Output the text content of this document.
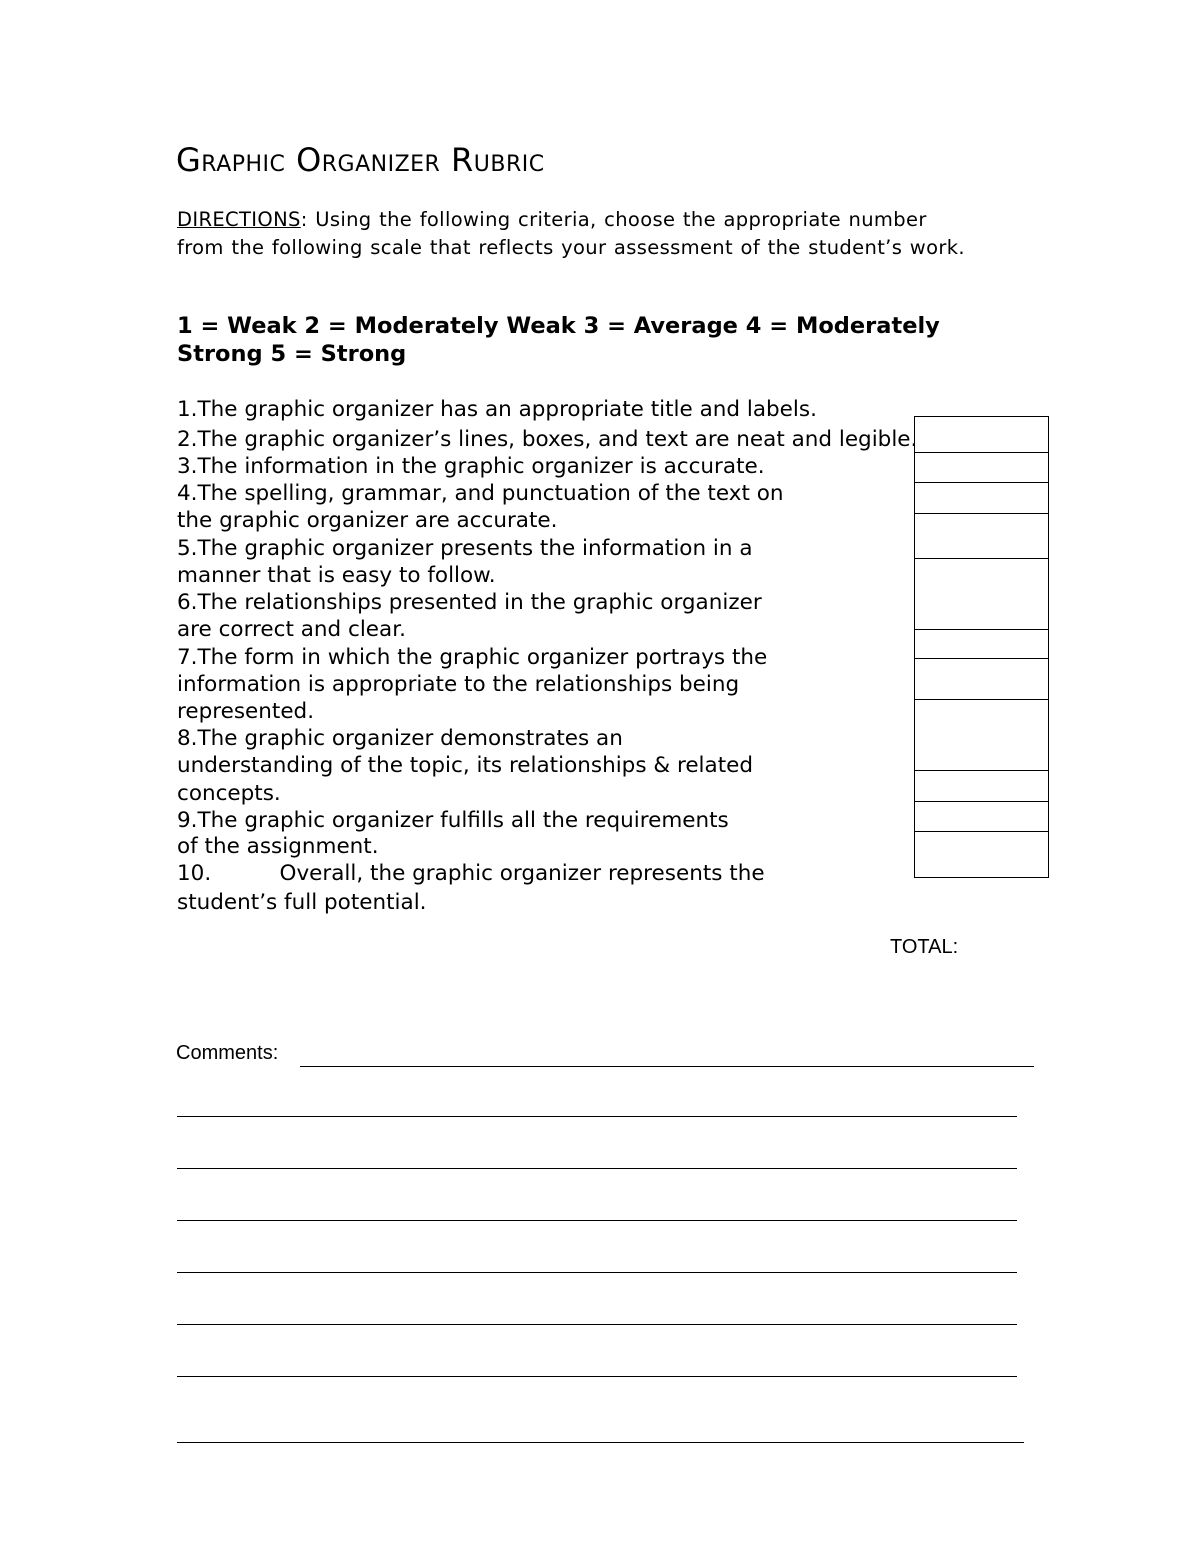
Graphic Organizer Rubric
DIRECTIONS: Using the following criteria, choose the appropriate number from the following scale that reflects your assessment of the student’s work.
1 = Weak 2 = Moderately Weak 3 = Average 4 = Moderately Strong 5 = Strong
1.The graphic organizer has an appropriate title and labels.
2.The graphic organizer’s lines, boxes, and text are neat and legible.
3.The information in the graphic organizer is accurate.
4.The spelling, grammar, and punctuation of the text on
the graphic organizer are accurate.
5.The graphic organizer presents the information in a
manner that is easy to follow.
6.The relationships presented in the graphic organizer
are correct and clear.
7.The form in which the graphic organizer portrays the
information is appropriate to the relationships being
represented.
8.The graphic organizer demonstrates an
understanding of the topic, its relationships & related
concepts.
9.The graphic organizer fulfills all the requirements
of the assignment.
10.          Overall, the graphic organizer represents the
student’s full potential.
TOTAL:
Comments:
